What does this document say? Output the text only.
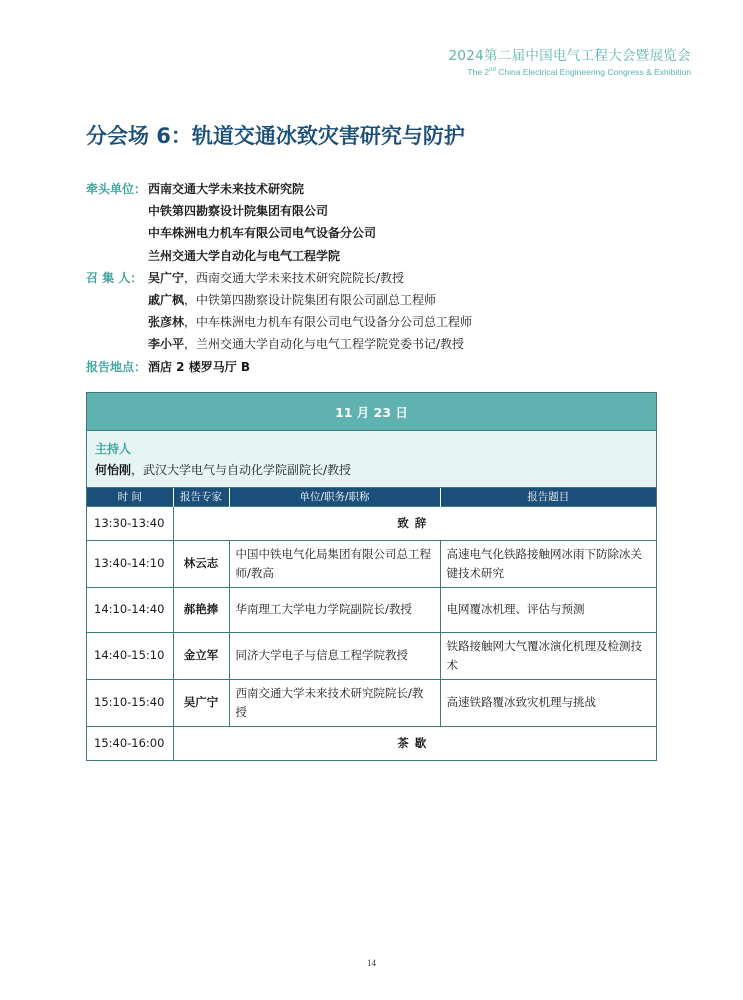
2024第二届中国电气工程大会暨展览会
The 2nd China Electrical Engineering Congress & Exhibition
分会场 6：轨道交通冰致灾害研究与防护
牵头单位： 西南交通大学未来技术研究院
中铁第四勘察设计院集团有限公司
中车株洲电力机车有限公司电气设备分公司
兰州交通大学自动化与电气工程学院
召 集 人： 吴广宁，西南交通大学未来技术研究院院长/教授
戚广枫，中铁第四勘察设计院集团有限公司副总工程师
张彦林，中车株洲电力机车有限公司电气设备分公司总工程师
李小平，兰州交通大学自动化与电气工程学院党委书记/教授
报告地点： 酒店 2 楼罗马厅 B
11 月 23 日
主持人
何怡刚，武汉大学电气与自动化学院副院长/教授
时 间	报告专家	单位/职务/职称	报告题目
13:30-13:40	致辞		
13:40-14:10	林云志	中国中铁电气化局集团有限公司总工程师/教高	高速电气化铁路接触网冰雨下防除冰关键技术研究
14:10-14:40	郝艳捧	华南理工大学电力学院副院长/教授	电网覆冰机理、评估与预测
14:40-15:10	金立军	同济大学电子与信息工程学院教授	铁路接触网大气覆冰演化机理及检测技术
15:10-15:40	吴广宁	西南交通大学未来技术研究院院长/教授	高速铁路覆冰致灾机理与挑战
15:40-16:00	茶歇		
14
